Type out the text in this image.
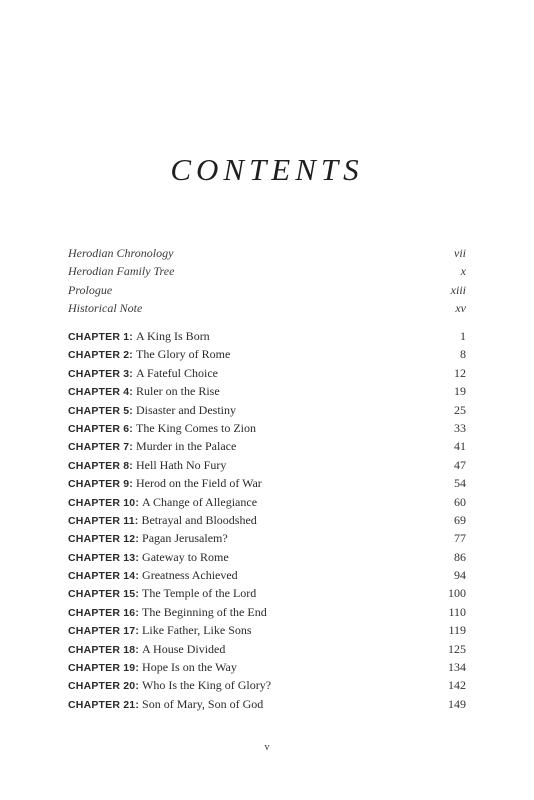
CONTENTS
Herodian Chronology	vii
Herodian Family Tree	x
Prologue	xiii
Historical Note	xv
CHAPTER 1: A King Is Born	1
CHAPTER 2: The Glory of Rome	8
CHAPTER 3: A Fateful Choice	12
CHAPTER 4: Ruler on the Rise	19
CHAPTER 5: Disaster and Destiny	25
CHAPTER 6: The King Comes to Zion	33
CHAPTER 7: Murder in the Palace	41
CHAPTER 8: Hell Hath No Fury	47
CHAPTER 9: Herod on the Field of War	54
CHAPTER 10: A Change of Allegiance	60
CHAPTER 11: Betrayal and Bloodshed	69
CHAPTER 12: Pagan Jerusalem?	77
CHAPTER 13: Gateway to Rome	86
CHAPTER 14: Greatness Achieved	94
CHAPTER 15: The Temple of the Lord	100
CHAPTER 16: The Beginning of the End	110
CHAPTER 17: Like Father, Like Sons	119
CHAPTER 18: A House Divided	125
CHAPTER 19: Hope Is on the Way	134
CHAPTER 20: Who Is the King of Glory?	142
CHAPTER 21: Son of Mary, Son of God	149
v
